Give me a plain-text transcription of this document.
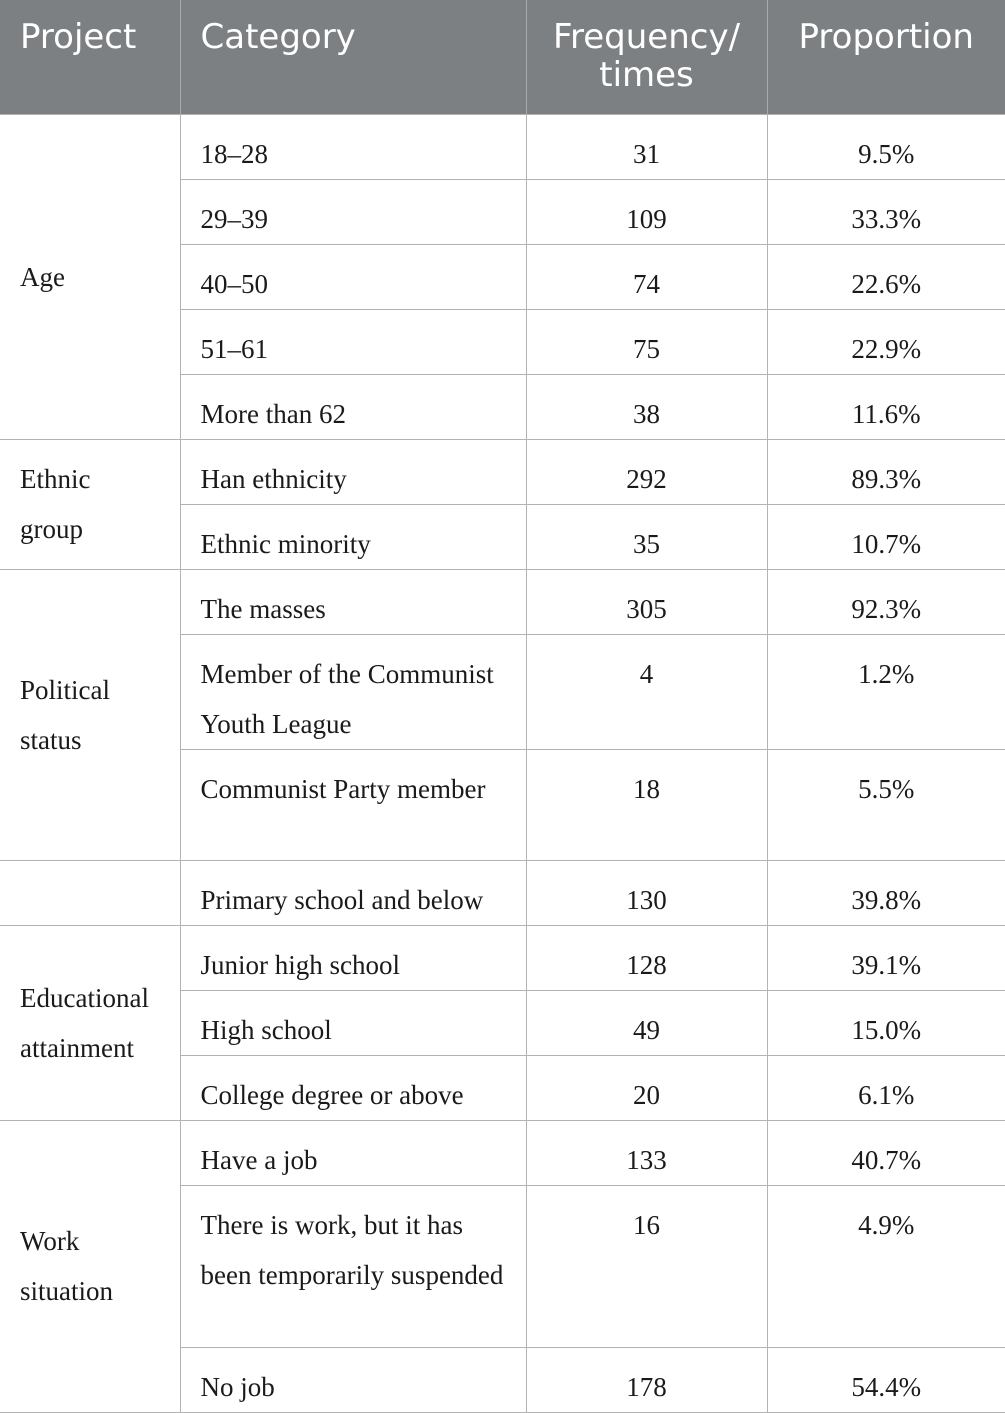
Project	Category	Frequency/ times	Proportion
Age	18–28	31	9.5%
	29–39	109	33.3%
	40–50	74	22.6%
	51–61	75	22.9%
	More than 62	38	11.6%
Ethnic group	Han ethnicity	292	89.3%
	Ethnic minority	35	10.7%
Political status	The masses	305	92.3%
	Member of the Communist Youth League	4	1.2%
	Communist Party member	18	5.5%
	Primary school and below	130	39.8%
Educational attainment	Junior high school	128	39.1%
	High school	49	15.0%
	College degree or above	20	6.1%
Work situation	Have a job	133	40.7%
	There is work, but it has been temporarily suspended	16	4.9%
	No job	178	54.4%
